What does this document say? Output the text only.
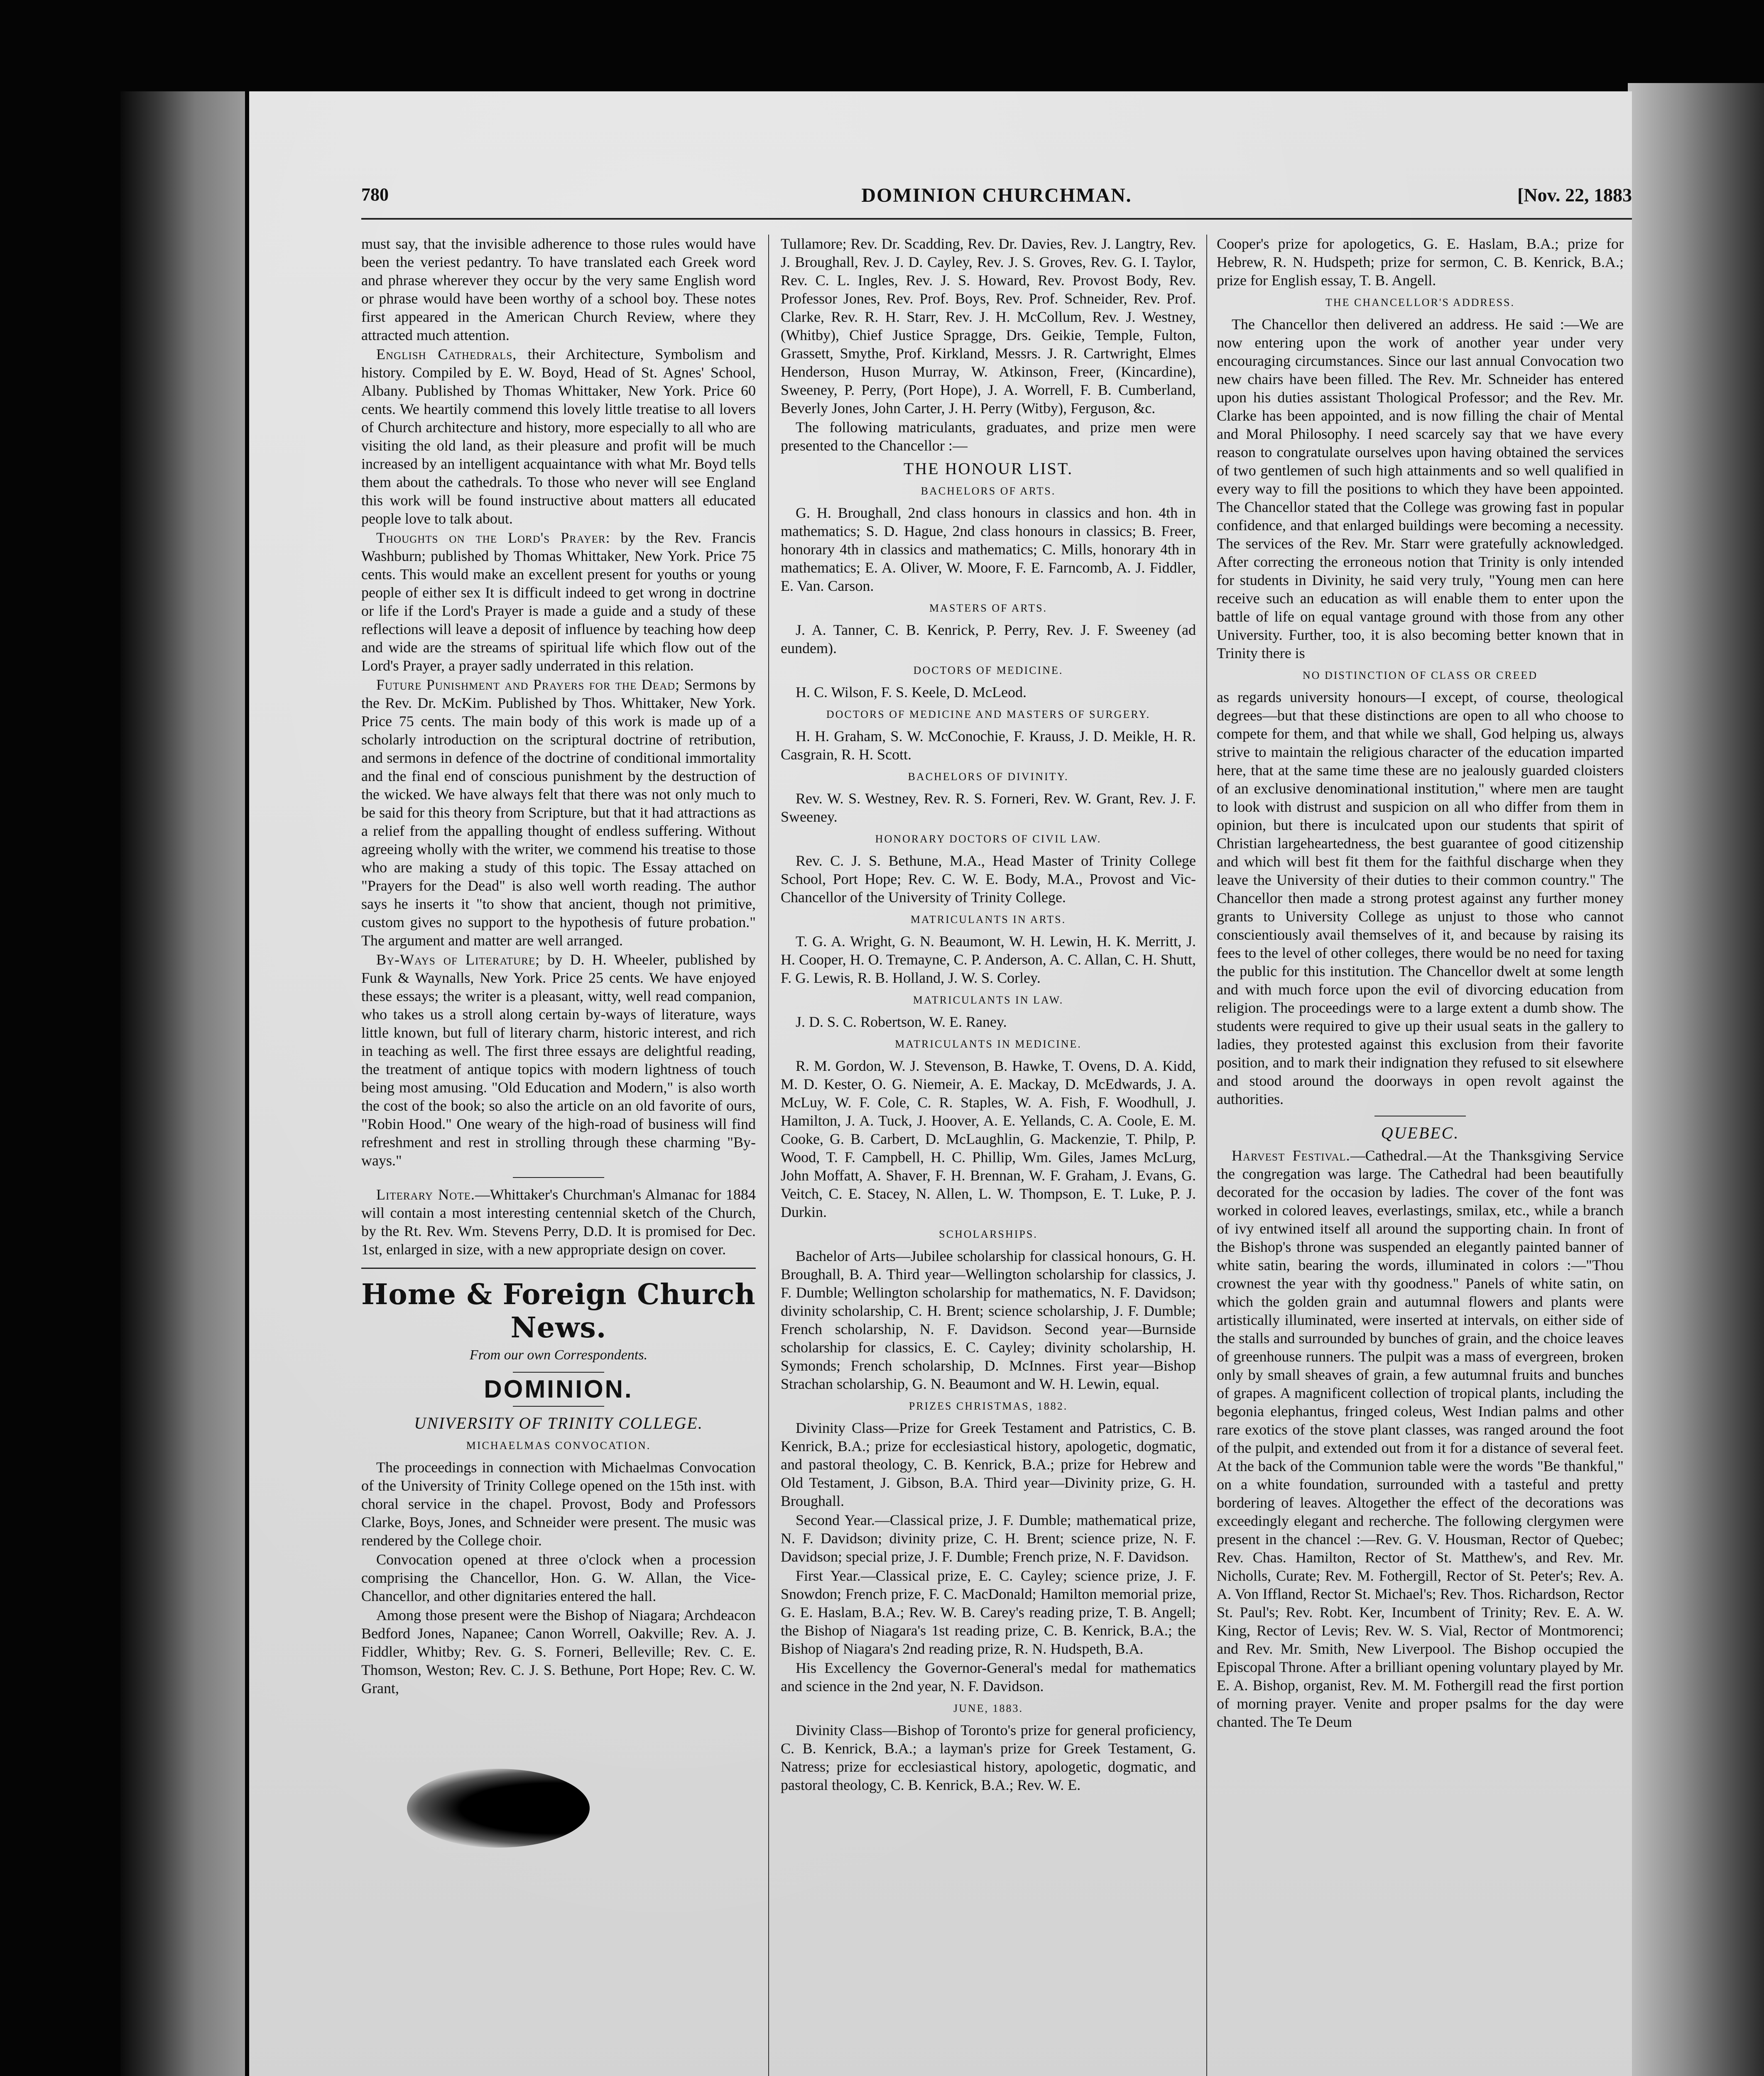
780	DOMINION CHURCHMAN.	[Nov. 22, 1883

must say, that the invisible adherence to those rules would have been the veriest pedantry. To have translated each Greek word and phrase wherever they occur by the very same English word or phrase would have been worthy of a school boy. These notes first appeared in the American Church Review, where they attracted much attention.

English Cathedrals, their Architecture, Symbolism and history. Compiled by E. W. Boyd, Head of St. Agnes' School, Albany. Published by Thomas Whittaker, New York. Price 60 cents. We heartily commend this lovely little treatise to all lovers of Church architecture and history, more especially to all who are visiting the old land, as their pleasure and profit will be much increased by an intelligent acquaintance with what Mr. Boyd tells them about the cathedrals. To those who never will see England this work will be found instructive about matters all educated people love to talk about.

Thoughts on the Lord's Prayer: by the Rev. Francis Washburn; published by Thomas Whittaker, New York. Price 75 cents. This would make an excellent present for youths or young people of either sex It is difficult indeed to get wrong in doctrine or life if the Lord's Prayer is made a guide and a study of these reflections will leave a deposit of influence by teaching how deep and wide are the streams of spiritual life which flow out of the Lord's Prayer, a prayer sadly underrated in this relation.

Future Punishment and Prayers for the Dead; Sermons by the Rev. Dr. McKim. Published by Thos. Whittaker, New York. Price 75 cents. The main body of this work is made up of a scholarly introduction on the scriptural doctrine of retribution, and sermons in defence of the doctrine of conditional immortality and the final end of conscious punishment by the destruction of the wicked. We have always felt that there was not only much to be said for this theory from Scripture, but that it had attractions as a relief from the appalling thought of endless suffering. Without agreeing wholly with the writer, we commend his treatise to those who are making a study of this topic. The Essay attached on "Prayers for the Dead" is also well worth reading. The author says he inserts it "to show that ancient, though not primitive, custom gives no support to the hypothesis of future probation." The argument and matter are well arranged.

By-Ways of Literature; by D. H. Wheeler, published by Funk & Waynalls, New York. Price 25 cents. We have enjoyed these essays; the writer is a pleasant, witty, well read companion, who takes us a stroll along certain by-ways of literature, ways little known, but full of literary charm, historic interest, and rich in teaching as well. The first three essays are delightful reading, the treatment of antique topics with modern lightness of touch being most amusing. "Old Education and Modern," is also worth the cost of the book; so also the article on an old favorite of ours, "Robin Hood." One weary of the high-road of business will find refreshment and rest in strolling through these charming "By-ways."

Literary Note.—Whittaker's Churchman's Almanac for 1884 will contain a most interesting centennial sketch of the Church, by the Rt. Rev. Wm. Stevens Perry, D.D. It is promised for Dec. 1st, enlarged in size, with a new appropriate design on cover.

Home & Foreign Church News.
From our own Correspondents.
DOMINION.
UNIVERSITY OF TRINITY COLLEGE.
MICHAELMAS CONVOCATION.

The proceedings in connection with Michaelmas Convocation of the University of Trinity College opened on the 15th inst. with choral service in the chapel. Provost, Body and Professors Clarke, Boys, Jones, and Schneider were present. The music was rendered by the College choir.

Convocation opened at three o'clock when a procession comprising the Chancellor, Hon. G. W. Allan, the Vice-Chancellor, and other dignitaries entered the hall.

Among those present were the Bishop of Niagara; Archdeacon Bedford Jones, Napanee; Canon Worrell, Oakville; Rev. A. J. Fiddler, Whitby; Rev. G. S. Forneri, Belleville; Rev. C. E. Thomson, Weston; Rev. C. J. S. Bethune, Port Hope; Rev. C. W. Grant,

Tullamore; Rev. Dr. Scadding, Rev. Dr. Davies, Rev. J. Langtry, Rev. J. Broughall, Rev. J. D. Cayley, Rev. J. S. Groves, Rev. G. I. Taylor, Rev. C. L. Ingles, Rev. J. S. Howard, Rev. Provost Body, Rev. Professor Jones, Rev. Prof. Boys, Rev. Prof. Schneider, Rev. Prof. Clarke, Rev. R. H. Starr, Rev. J. H. McCollum, Rev. J. Westney, (Whitby), Chief Justice Spragge, Drs. Geikie, Temple, Fulton, Grassett, Smythe, Prof. Kirkland, Messrs. J. R. Cartwright, Elmes Henderson, Huson Murray, W. Atkinson, Freer, (Kincardine), Sweeney, P. Perry, (Port Hope), J. A. Worrell, F. B. Cumberland, Beverly Jones, John Carter, J. H. Perry (Witby), Ferguson, &c.

The following matriculants, graduates, and prize men were presented to the Chancellor :—

THE HONOUR LIST.
BACHELORS OF ARTS.

G. H. Broughall, 2nd class honours in classics and hon. 4th in mathematics; S. D. Hague, 2nd class honours in classics; B. Freer, honorary 4th in classics and mathematics; C. Mills, honorary 4th in mathematics; E. A. Oliver, W. Moore, F. E. Farncomb, A. J. Fiddler, E. Van. Carson.

MASTERS OF ARTS.

J. A. Tanner, C. B. Kenrick, P. Perry, Rev. J. F. Sweeney (ad eundem).

DOCTORS OF MEDICINE.

H. C. Wilson, F. S. Keele, D. McLeod.

DOCTORS OF MEDICINE AND MASTERS OF SURGERY.

H. H. Graham, S. W. McConochie, F. Krauss, J. D. Meikle, H. R. Casgrain, R. H. Scott.

BACHELORS OF DIVINITY.

Rev. W. S. Westney, Rev. R. S. Forneri, Rev. W. Grant, Rev. J. F. Sweeney.

HONORARY DOCTORS OF CIVIL LAW.

Rev. C. J. S. Bethune, M.A., Head Master of Trinity College School, Port Hope; Rev. C. W. E. Body, M.A., Provost and Vic-Chancellor of the University of Trinity College.

MATRICULANTS IN ARTS.

T. G. A. Wright, G. N. Beaumont, W. H. Lewin, H. K. Merritt, J. H. Cooper, H. O. Tremayne, C. P. Anderson, A. C. Allan, C. H. Shutt, F. G. Lewis, R. B. Holland, J. W. S. Corley.

MATRICULANTS IN LAW.

J. D. S. C. Robertson, W. E. Raney.

MATRICULANTS IN MEDICINE.

R. M. Gordon, W. J. Stevenson, B. Hawke, T. Ovens, D. A. Kidd, M. D. Kester, O. G. Niemeir, A. E. Mackay, D. McEdwards, J. A. McLuy, W. F. Cole, C. R. Staples, W. A. Fish, F. Woodhull, J. Hamilton, J. A. Tuck, J. Hoover, A. E. Yellands, C. A. Coole, E. M. Cooke, G. B. Carbert, D. McLaughlin, G. Mackenzie, T. Philp, P. Wood, T. F. Campbell, H. C. Phillip, Wm. Giles, James McLurg, John Moffatt, A. Shaver, F. H. Brennan, W. F. Graham, J. Evans, G. Veitch, C. E. Stacey, N. Allen, L. W. Thompson, E. T. Luke, P. J. Durkin.

SCHOLARSHIPS.

Bachelor of Arts—Jubilee scholarship for classical honours, G. H. Broughall, B. A. Third year—Wellington scholarship for classics, J. F. Dumble; Wellington scholarship for mathematics, N. F. Davidson; divinity scholarship, C. H. Brent; science scholarship, J. F. Dumble; French scholarship, N. F. Davidson. Second year—Burnside scholarship for classics, E. C. Cayley; divinity scholarship, H. Symonds; French scholarship, D. McInnes. First year—Bishop Strachan scholarship, G. N. Beaumont and W. H. Lewin, equal.

PRIZES CHRISTMAS, 1882.

Divinity Class—Prize for Greek Testament and Patristics, C. B. Kenrick, B.A.; prize for ecclesiastical history, apologetic, dogmatic, and pastoral theology, C. B. Kenrick, B.A.; prize for Hebrew and Old Testament, J. Gibson, B.A. Third year—Divinity prize, G. H. Broughall.

Second Year.—Classical prize, J. F. Dumble; mathematical prize, N. F. Davidson; divinity prize, C. H. Brent; science prize, N. F. Davidson; special prize, J. F. Dumble; French prize, N. F. Davidson.

First Year.—Classical prize, E. C. Cayley; science prize, J. F. Snowdon; French prize, F. C. MacDonald; Hamilton memorial prize, G. E. Haslam, B.A.; Rev. W. B. Carey's reading prize, T. B. Angell; the Bishop of Niagara's 1st reading prize, C. B. Kenrick, B.A.; the Bishop of Niagara's 2nd reading prize, R. N. Hudspeth, B.A.

His Excellency the Governor-General's medal for mathematics and science in the 2nd year, N. F. Davidson.

JUNE, 1883.

Divinity Class—Bishop of Toronto's prize for general proficiency, C. B. Kenrick, B.A.; a layman's prize for Greek Testament, G. Natress; prize for ecclesiastical history, apologetic, dogmatic, and pastoral theology, C. B. Kenrick, B.A.; Rev. W. E.

Cooper's prize for apologetics, G. E. Haslam, B.A.; prize for Hebrew, R. N. Hudspeth; prize for sermon, C. B. Kenrick, B.A.; prize for English essay, T. B. Angell.

THE CHANCELLOR'S ADDRESS.

The Chancellor then delivered an address. He said :—We are now entering upon the work of another year under very encouraging circumstances. Since our last annual Convocation two new chairs have been filled. The Rev. Mr. Schneider has entered upon his duties assistant Thological Professor; and the Rev. Mr. Clarke has been appointed, and is now filling the chair of Mental and Moral Philosophy. I need scarcely say that we have every reason to congratulate ourselves upon having obtained the services of two gentlemen of such high attainments and so well qualified in every way to fill the positions to which they have been appointed. The Chancellor stated that the College was growing fast in popular confidence, and that enlarged buildings were becoming a necessity. The services of the Rev. Mr. Starr were gratefully acknowledged. After correcting the erroneous notion that Trinity is only intended for students in Divinity, he said very truly, "Young men can here receive such an education as will enable them to enter upon the battle of life on equal vantage ground with those from any other University. Further, too, it is also becoming better known that in Trinity there is

NO DISTINCTION OF CLASS OR CREED

as regards university honours—I except, of course, theological degrees—but that these distinctions are open to all who choose to compete for them, and that while we shall, God helping us, always strive to maintain the religious character of the education imparted here, that at the same time these are no jealously guarded cloisters of an exclusive denominational institution," where men are taught to look with distrust and suspicion on all who differ from them in opinion, but there is inculcated upon our students that spirit of Christian largeheartedness, the best guarantee of good citizenship and which will best fit them for the faithful discharge when they leave the University of their duties to their common country." The Chancellor then made a strong protest against any further money grants to University College as unjust to those who cannot conscientiously avail themselves of it, and because by raising its fees to the level of other colleges, there would be no need for taxing the public for this institution. The Chancellor dwelt at some length and with much force upon the evil of divorcing education from religion. The proceedings were to a large extent a dumb show. The students were required to give up their usual seats in the gallery to ladies, they protested against this exclusion from their favorite position, and to mark their indignation they refused to sit elsewhere and stood around the doorways in open revolt against the authorities.

QUEBEC.

Harvest Festival.—Cathedral.—At the Thanksgiving Service the congregation was large. The Cathedral had been beautifully decorated for the occasion by ladies. The cover of the font was worked in colored leaves, everlastings, smilax, etc., while a branch of ivy entwined itself all around the supporting chain. In front of the Bishop's throne was suspended an elegantly painted banner of white satin, bearing the words, illuminated in colors :—"Thou crownest the year with thy goodness." Panels of white satin, on which the golden grain and autumnal flowers and plants were artistically illuminated, were inserted at intervals, on either side of the stalls and surrounded by bunches of grain, and the choice leaves of greenhouse runners. The pulpit was a mass of evergreen, broken only by small sheaves of grain, a few autumnal fruits and bunches of grapes. A magnificent collection of tropical plants, including the begonia elephantus, fringed coleus, West Indian palms and other rare exotics of the stove plant classes, was ranged around the foot of the pulpit, and extended out from it for a distance of several feet. At the back of the Communion table were the words "Be thankful," on a white foundation, surrounded with a tasteful and pretty bordering of leaves. Altogether the effect of the decorations was exceedingly elegant and recherche. The following clergymen were present in the chancel :—Rev. G. V. Housman, Rector of Quebec; Rev. Chas. Hamilton, Rector of St. Matthew's, and Rev. Mr. Nicholls, Curate; Rev. M. Fothergill, Rector of St. Peter's; Rev. A. A. Von Iffland, Rector St. Michael's; Rev. Thos. Richardson, Rector St. Paul's; Rev. Robt. Ker, Incumbent of Trinity; Rev. E. A. W. King, Rector of Levis; Rev. W. S. Vial, Rector of Montmorenci; and Rev. Mr. Smith, New Liverpool. The Bishop occupied the Episcopal Throne. After a brilliant opening voluntary played by Mr. E. A. Bishop, organist, Rev. M. M. Fothergill read the first portion of morning prayer. Venite and proper psalms for the day were chanted. The Te Deum
